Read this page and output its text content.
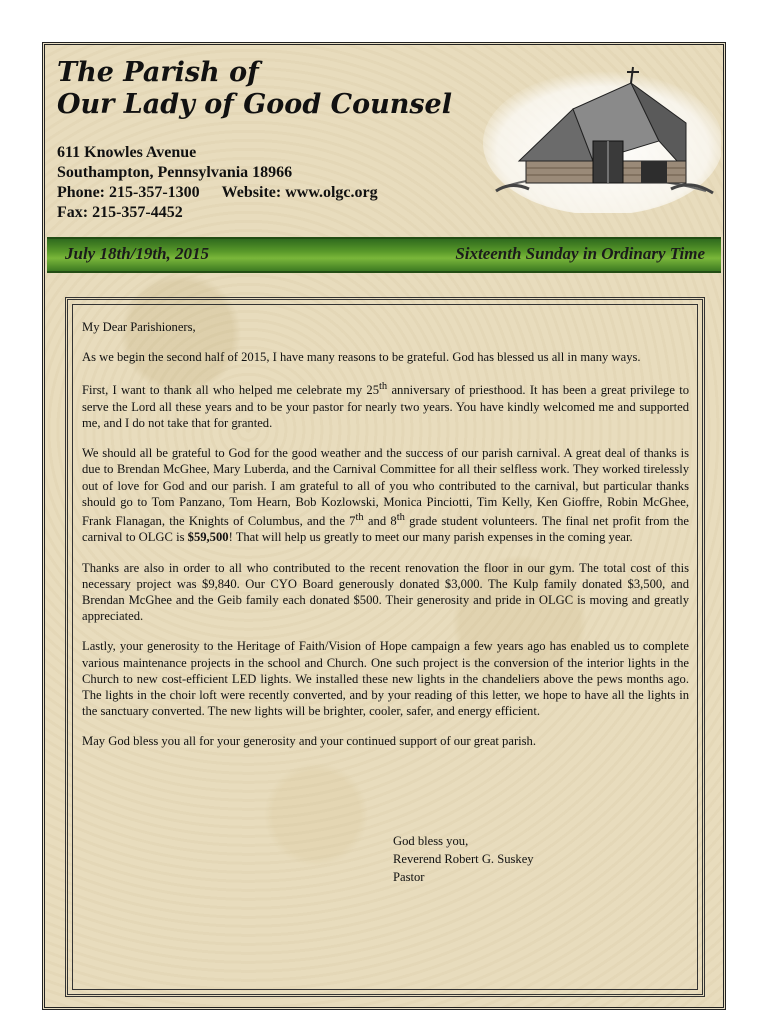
The Parish of
Our Lady of Good Counsel
611 Knowles Avenue
Southampton, Pennsylvania 18966
Phone: 215-357-1300 Website: www.olgc.org
Fax: 215-357-4452
July 18th/19th, 2015	Sixteenth Sunday in Ordinary Time

My Dear Parishioners,

As we begin the second half of 2015, I have many reasons to be grateful. God has blessed us all in many ways.

First, I want to thank all who helped me celebrate my 25th anniversary of priesthood. It has been a great privilege to serve the Lord all these years and to be your pastor for nearly two years. You have kindly welcomed me and supported me, and I do not take that for granted.

We should all be grateful to God for the good weather and the success of our parish carnival. A great deal of thanks is due to Brendan McGhee, Mary Luberda, and the Carnival Committee for all their selfless work. They worked tirelessly out of love for God and our parish. I am grateful to all of you who contributed to the carnival, but particular thanks should go to Tom Panzano, Tom Hearn, Bob Kozlowski, Monica Pinciotti, Tim Kelly, Ken Gioffre, Robin McGhee, Frank Flanagan, the Knights of Columbus, and the 7th and 8th grade student volunteers. The final net profit from the carnival to OLGC is $59,500! That will help us greatly to meet our many parish expenses in the coming year.

Thanks are also in order to all who contributed to the recent renovation the floor in our gym. The total cost of this necessary project was $9,840. Our CYO Board generously donated $3,000. The Kulp family donated $3,500, and Brendan McGhee and the Geib family each donated $500. Their generosity and pride in OLGC is moving and greatly appreciated.

Lastly, your generosity to the Heritage of Faith/Vision of Hope campaign a few years ago has enabled us to complete various maintenance projects in the school and Church. One such project is the conversion of the interior lights in the Church to new cost-efficient LED lights. We installed these new lights in the chandeliers above the pews months ago. The lights in the choir loft were recently converted, and by your reading of this letter, we hope to have all the lights in the sanctuary converted. The new lights will be brighter, cooler, safer, and energy efficient.

May God bless you all for your generosity and your continued support of our great parish.

God bless you,
Reverend Robert G. Suskey
Pastor
